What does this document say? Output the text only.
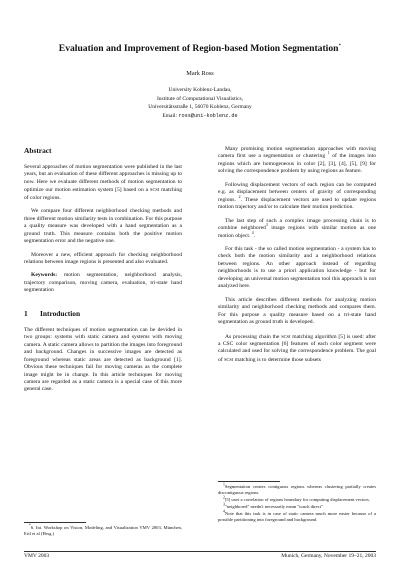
Evaluation and Improvement of Region-based Motion Segmentation*
Mark Ross
University Koblenz-Landau,
Institute of Computational Visualistics,
Universitätsstraße 1, 56070 Koblenz, Germany
Email: ross@uni-koblenz.de
Abstract

Several approaches of motion segmentation were published in the last years, but an evaluation of these different approaches is missing up to now. Here we evaluate different methods of motion segmentation to optimize our motion estimation system [5] based on a SCSI matching of color regions.

We compare four different neighborhood checking methods and three different motion similarity tests in combination. For this purpose a quality measure was developed with a hand segmentation as a ground truth. This measure contains both the positive motion segmentation error and the negative one.

Moreover a new, efficient approach for checking neighborhood relations between image regions is presented and also evaluated.

Keywords: motion segmentation, neighborhood analysis, trajectory comparison, moving camera, evaluation, tri-state hand segmentation

1 Introduction

The different techniques of motion segmentation can be devided in two groups: systems with static camera and systems with moving camera. A static camera allows to partition the images into foreground and background. Changes in successive images are detected as foreground whereas static areas are detected as background [1]. Obvious these techniques fail for moving cameras as the complete image might be in change. In this article techniques for moving camera are regarded as a static camera is a special case of this more general case.

*6. Int. Workshop on Vision, Modeling, and Visualization VMV 2003, München, Ertl et al (Hrsg.)

Many promising motion segmentation approaches with moving camera first use a segmentation or clustering $^1$ of the images into regions which are homogeneous in color [2], [3], [4], [5], [9] for solving the correspondence problem by using regions as feature.

Following displacement vectors of each region can be computed e.g. as displacement between centers of gravity of corresponding regions. $^2$. These displacement vectors are used to update regions motion trajectory and/or to calculate their motion prediction.

The last step of such a complex image processing chain is to combine neighbored$^3$ image regions with similar motion as one motion object. $^4$.

For this task - the so called motion segmentation - a system has to check both the motion similarity and a neighborhood relations between regions. An other approach instead of regarding neighborhoods is to use a priori application knowledge - but for developing an universal motion segmentation tool this approach is not analyzed here.

This article describes different methods for analyzing motion similarity and neighborhood checking methods and compares them. For this purpose a quality measure based on a tri-state hand segmentation as ground truth is developed.

As processing chain the SCSI matching algorithm [5] is used: after a CSC color segmentation [6] features of each color segment were calculated and used for solving the correspondence problem. The goal of SCSI matching is to determine those subsets

$^1$Segmentation creates contiguous regions whereas clustering partially creates discontiguous regions.

$^2$[5] uses a correlation of regions boundary for computing displacement vectors.

$^3$"neighbored" needn't necessarily mean "touch direct"

$^4$Note that this task is in case of static camera much more easier because of a possible partitioning into foreground and background.

VMV 2003	Munich, Germany, November 19–21, 2003
